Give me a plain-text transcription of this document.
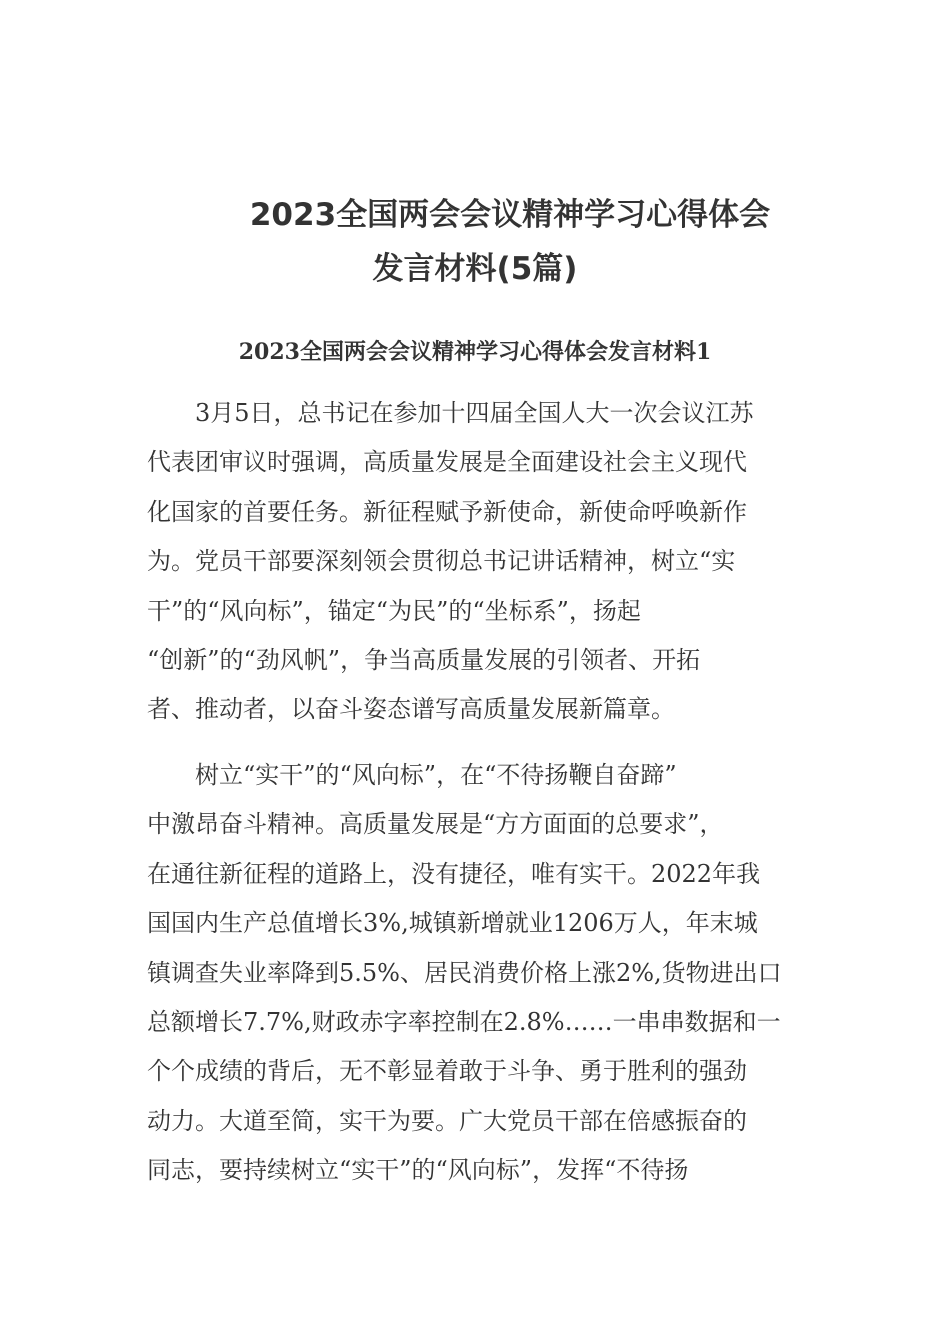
2023全国两会会议精神学习心得体会
发言材料(5篇)
2023全国两会会议精神学习心得体会发言材料1

　　3月5日，总书记在参加十四届全国人大一次会议江苏
代表团审议时强调，高质量发展是全面建设社会主义现代
化国家的首要任务。新征程赋予新使命，新使命呼唤新作
为。党员干部要深刻领会贯彻总书记讲话精神，树立“实
干”的“风向标”，锚定“为民”的“坐标系”，扬起
“创新”的“劲风帆”，争当高质量发展的引领者、开拓
者、推动者，以奋斗姿态谱写高质量发展新篇章。

　　树立“实干”的“风向标”，在“不待扬鞭自奋蹄”
中激昂奋斗精神。高质量发展是“方方面面的总要求”，
在通往新征程的道路上，没有捷径，唯有实干。2022年我
国国内生产总值增长3%,城镇新增就业1206万人，年末城
镇调查失业率降到5.5%、居民消费价格上涨2%,货物进出口
总额增长7.7%,财政赤字率控制在2.8%……一串串数据和一
个个成绩的背后，无不彰显着敢于斗争、勇于胜利的强劲
动力。大道至简，实干为要。广大党员干部在倍感振奋的
同志，要持续树立“实干”的“风向标”，发挥“不待扬
